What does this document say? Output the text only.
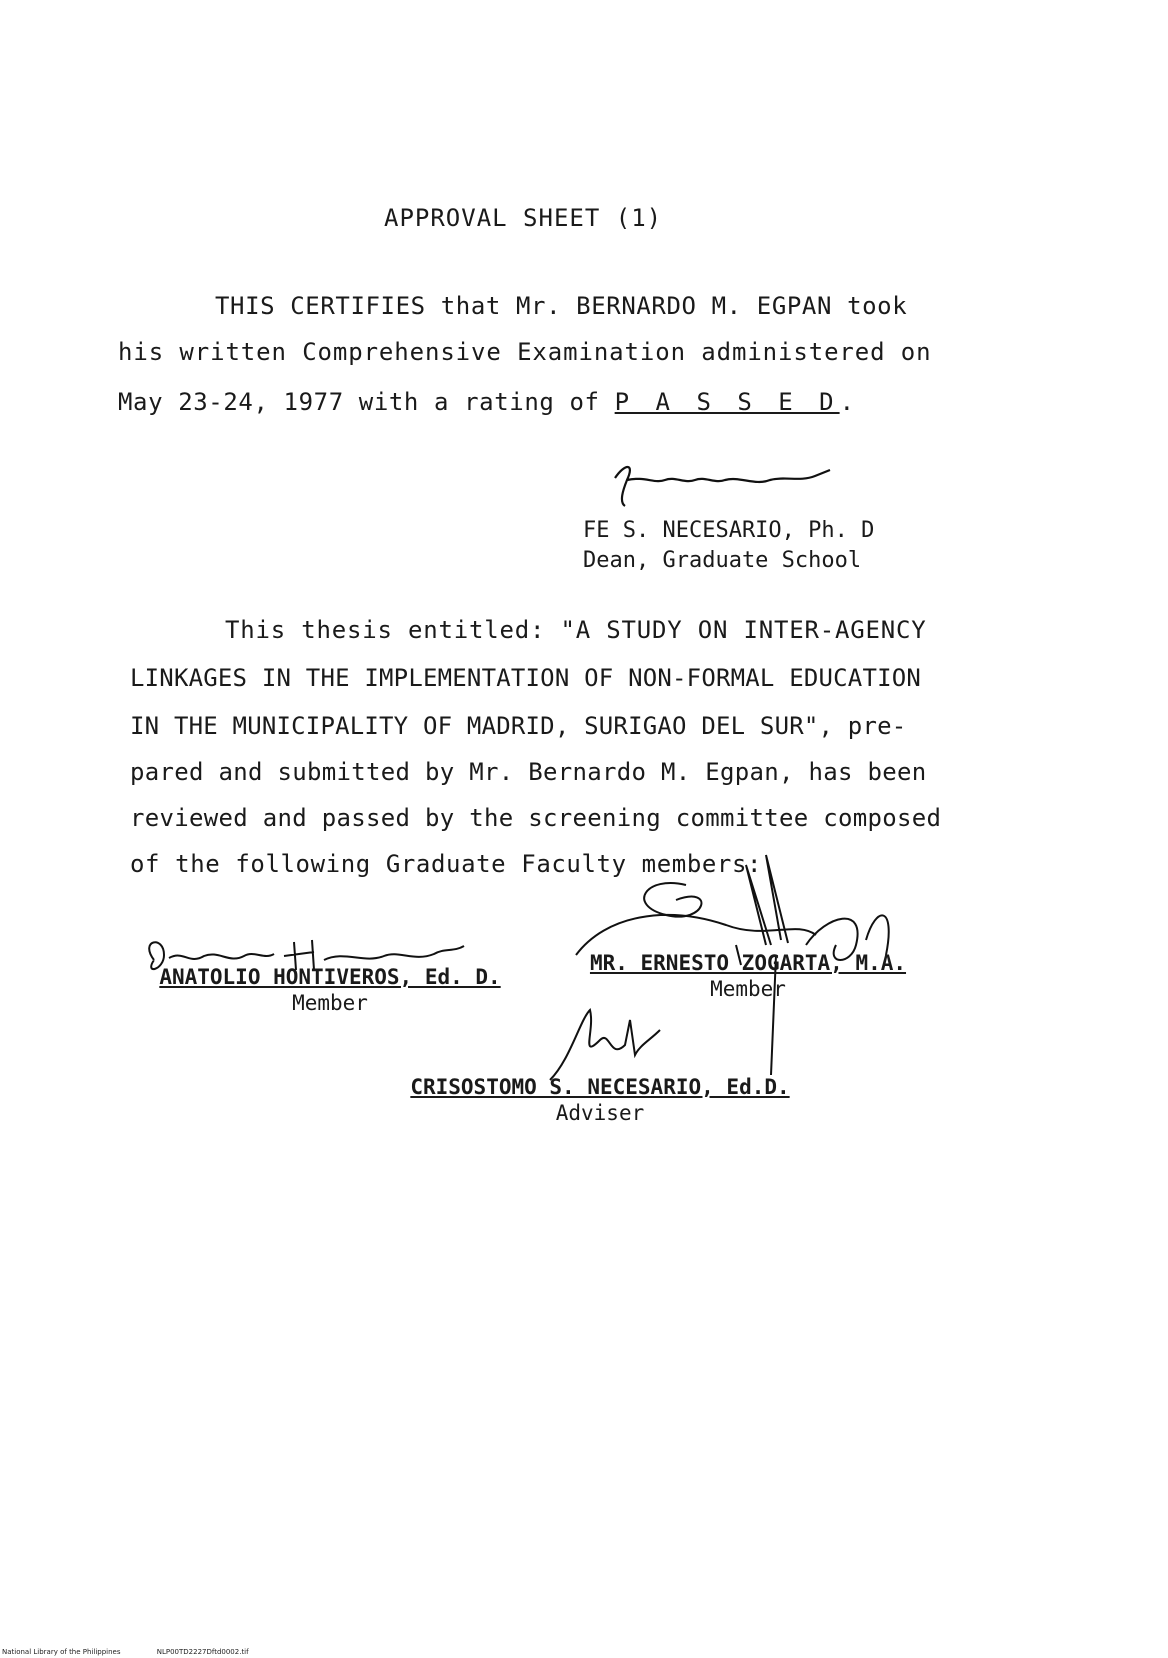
APPROVAL SHEET (1)
THIS CERTIFIES that Mr. BERNARDO M. EGPAN took
his written Comprehensive Examination administered on
May 23-24, 1977 with a rating of P A S S E D.
FE S. NECESARIO, Ph. D
Dean, Graduate School
This thesis entitled: "A STUDY ON INTER-AGENCY
LINKAGES IN THE IMPLEMENTATION OF NON-FORMAL EDUCATION
IN THE MUNICIPALITY OF MADRID, SURIGAO DEL SUR", pre-
pared and submitted by Mr. Bernardo M. Egpan, has been
reviewed and passed by the screening committee composed
of the following Graduate Faculty members:
ANATOLIO HONTIVEROS, Ed. D.
Member
MR. ERNESTO ZOGARTA, M.A.
Member
CRISOSTOMO S. NECESARIO, Ed.D.
Adviser
National Library of the Philippines	NLP00TD2227Dftd0002.tif
